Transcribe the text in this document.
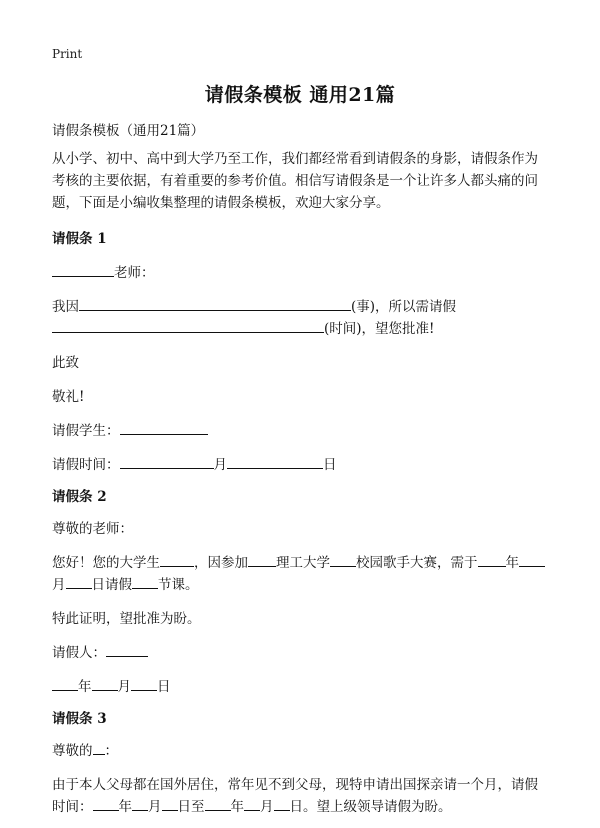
Print
请假条模板 通用21篇

请假条模板（通用21篇）

从小学、初中、高中到大学乃至工作，我们都经常看到请假条的身影，请假条作为考核的主要依据，有着重要的参考价值。相信写请假条是一个让许多人都头痛的问题，下面是小编收集整理的请假条模板，欢迎大家分享。

请假条 1

老师：

我因	(事)，所以需请假
(时间)，望您批准!

此致

敬礼!

请假学生：

请假时间：	月	日

请假条 2

尊敬的老师：

您好！您的大学生	，因参加 理工大学 校园歌手大赛，需于 年
月 日请假 节课。

特此证明，望批准为盼。

请假人：

年 月 日

请假条 3

尊敬的 ：

由于本人父母都在国外居住，常年见不到父母，现特申请出国探亲请一个月，请假时间： 年 月 日至 年 月 日。望上级领导请假为盼。
